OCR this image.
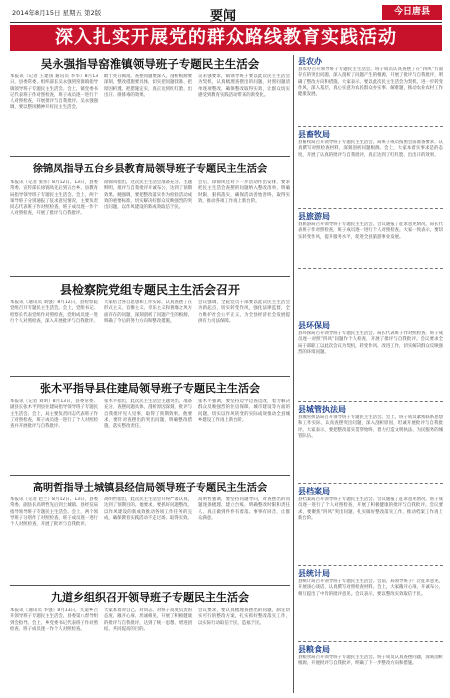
2014年8月15日 星期五 第2版	要闻	今日唐县
深入扎实开展党的群众路线教育实践活动
吴永强指导窑淮镇领导班子专题民主生活会
本报讯（记者 王建国 通讯员 李华）8月13日，县委常委、组织部长吴永强到窑淮镇指导镇领导班子专题民主生活会。会上，镇党委书记代表班子作对照检查，班子成员逐一进行个人对照检查，开展批评与自我批评。吴永强强调，要以整风精神开好民主生活会，
敢于亮丑揭短，查摆问题要深入，剖析根源要深刻，整改措施要具体，切实把问题找准、把原因析透、把措施定实，真正达到红红脸、出出汗、排排毒的效果。
吴永强要求，镇领导班子要以此次民主生活会为契机，认真梳理查摆出的问题，对照问题清单逐项整改，确保整改取得实效，让群众切实感受到教育实践活动带来的新变化。
徐锦凤指导五台乡县教育局领导班子专题民主生活会
本报讯（记者 张伟）8月12日、13日，县委常委、宣传部长徐锦凤先后到五台乡、县教育局指导领导班子专题民主生活会。会上，两个领导班子分别通报了征求意见情况，主要负责同志代表班子作对照检查，班子成员逐一作个人对照检查，开展了批评与自我批评。
徐锦凤指出，这次民主生活会准备充分、主题鲜明，批评与自我批评开诚布公，达到了预期效果。她强调，要把整改落实作为检验活动成效的重要标准，切实解决好群众反映强烈的突出问题，以作风建设的新成效取信于民。
会后，徐锦凤还对下一步活动作出安排，要求把民主生活会查摆的问题纳入整改清单，明确时限，狠抓落实，确保活动善始善终、取得实效，推动各项工作再上新台阶。
县检察院党组专题民主生活会召开
本报讯（通讯员 刘强）8月12日，县检察院党组召开专题民主生活会。会上，党组书记、检察长代表党组作对照检查，党组成员逐一进行个人对照检查，深入开展批评与自我批评。
大家结合各自思想和工作实际，认真查摆了在形式主义、官僚主义、享乐主义和奢靡之风方面存在的问题，深刻剖析了问题产生的根源，明确了今后的努力方向和整改措施。
会议强调，全院党员干部要以此次民主生活会为新起点，切实转变作风，强化法律监督，全力维护社会公平正义，为全县经济社会发展提供有力司法保障。
张木平指导县住建局领导班子专题民主生活会
本报讯（记者 刘明）8月13日，县委常委、副县长张木平到县住建局指导领导班子专题民主生活会。会上，局主要负责同志代表班子作了对照检查，班子成员逐一进行了个人对照检查并开展批评与自我批评。
张木平指出，此次民主生活会主题突出、准备充分，查摆问题具体，剖析原因深刻，批评与自我批评见人见事，取得了预期效果。他要求，要针对查摆出的突出问题，明确整改措施，落实整改责任。
张木平强调，要坚持边学边查边改，着力解决群众反映强烈的住房保障、城市建设等方面的问题，切实以作风转变的实际成效推动全县城乡建设工作再上新台阶。
高明哲指导土城镇县经信局领导班子专题民主生活会
本报讯（记者 赵兰）8月12日、13日，县委常委、副县长高明哲先后到土城镇、县经信局指导领导班子专题民主生活会。会上，两个领导班子分别作了对照检查，班子成员逐一进行个人对照检查，开展了批评与自我批评。
高明哲指出，此次民主生活会开得严肃认真，达到了预期目的。他要求，要抓好问题整改，以作风建设的新成效推动各项工作任务的完成，确保教育实践活动不走过场、取得实效。
高明哲强调，要坚持问题导向，对查摆出的问题逐条梳理、建立台账，明确整改时限和责任人，真正做到件件有着落、事事有回音，让群众满意。
九道乡组织召开领导班子专题民主生活会
本报讯（通讯员 李强）8月13日，九道乡召开领导班子专题民主生活会，县委第八督导组到会指导。会上，乡党委书记代表班子作对照检查，班子成员逐一作个人对照检查。
大家本着对自己、对同志、对班子高度负责的态度，敞开心扉、坦诚相见，开展了积极健康的批评与自我批评，达到了统一思想、增进团结、共同提高的目的。
会议要求，要认真梳理查摆出的问题，制定切实可行的整改方案，扎实抓好整改落实工作，以实际行动取信于民、造福于民。
县农办
县农办召开领导班子专题民主生活会。班子成员认真查摆了在“四风”方面存在的突出问题，深入剖析了问题产生的根源，开展了批评与自我批评，明确了整改方向和措施。大家表示，要以此次民主生活会为契机，进一步转变作风，深入基层，真心实意为农民群众办实事、解难题，推动农业农村工作健康发展。
县畜牧局
县畜牧局召开领导班子专题民主生活会。局班子成员按照会前准备要求，认真撰写对照检查材料，深刻剖析问题根源。会上，大家本着实事求是的态度，开展了认真的批评与自我批评，真正达到了红红脸、出出汗的效果。
县旅游局
县旅游局召开领导班子专题民主生活会。会议通报了征求意见情况，局长代表班子作对照检查，班子成员逐一进行个人对照检查。大家一致表示，要切实转变作风，提升服务水平，促进全县旅游事业发展。
县环保局
县环保局召开领导班子专题民主生活会。局长代表班子作对照检查，班子成员逐一对照“四风”问题作个人检查，开展了批评与自我批评。会议要求全局干部职工以此次会议为契机，转变作风、改进工作，切实解决群众反映强烈的环境问题。
县城管执法局
县城管执法局召开领导班子专题民主生活会。会上，班子成员紧密联系思想和工作实际，认真查摆突出问题，深入剖析原因，坦诚开展批评与自我批评。大家表示，要把整改落实贯穿始终，着力打造文明执法、为民服务的城管队伍。
县档案局
县档案局召开领导班子专题民主生活会。会议通报了征求意见情况，班子成员逐一进行了个人对照检查，开展了积极健康的批评与自我批评。会议要求，要聚焦“四风”突出问题，扎实做好整改落实工作，推动档案工作再上新台阶。
县统计局
县统计局召开领导班子专题民主生活会。会前，局领导班子广泛征求意见，开展谈心谈话，认真撰写对照检查材料。会上，大家敞开心扉，开诚布公，相互提出了中肯的批评意见。会议表示，要以整改实效取信于民。
县粮食局
县粮食局召开领导班子专题民主生活会。班子成员认真查摆问题，深刻剖析根源，开展批评与自我批评，明确了下一步整改方向和措施。
